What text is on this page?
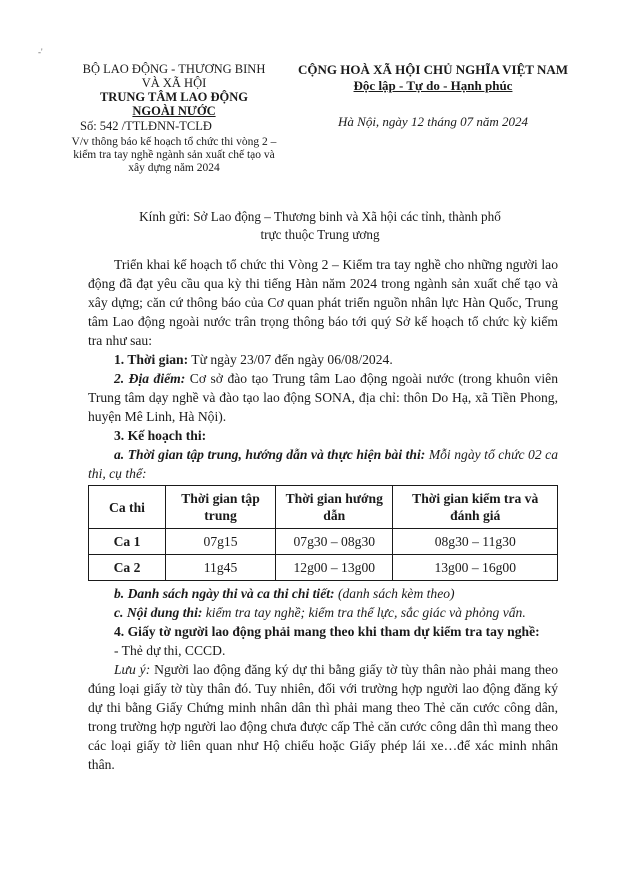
-'
BỘ LAO ĐỘNG - THƯƠNG BINH
VÀ XÃ HỘI
TRUNG TÂM LAO ĐỘNG
NGOÀI NƯỚC
Số: 542 /TTLĐNN-TCLĐ
V/v thông báo kế hoạch tổ chức thi vòng 2 – kiểm tra tay nghề ngành sản xuất chế tạo và xây dựng năm 2024
CỘNG HOÀ XÃ HỘI CHỦ NGHĨA VIỆT NAM
Độc lập - Tự do - Hạnh phúc
Hà Nội, ngày 12 tháng 07 năm 2024
Kính gửi: Sở Lao động – Thương binh và Xã hội các tỉnh, thành phố
trực thuộc Trung ương

Triển khai kế hoạch tổ chức thi Vòng 2 – Kiểm tra tay nghề cho những người lao động đã đạt yêu cầu qua kỳ thi tiếng Hàn năm 2024 trong ngành sản xuất chế tạo và xây dựng; căn cứ thông báo của Cơ quan phát triển nguồn nhân lực Hàn Quốc, Trung tâm Lao động ngoài nước trân trọng thông báo tới quý Sở kế hoạch tổ chức kỳ kiểm tra như sau:

1. Thời gian: Từ ngày 23/07 đến ngày 06/08/2024.

2. Địa điểm: Cơ sở đào tạo Trung tâm Lao động ngoài nước (trong khuôn viên Trung tâm dạy nghề và đào tạo lao động SONA, địa chỉ: thôn Do Hạ, xã Tiền Phong, huyện Mê Linh, Hà Nội).

3. Kế hoạch thi:

a. Thời gian tập trung, hướng dẫn và thực hiện bài thi: Mỗi ngày tổ chức 02 ca thi, cụ thể:

Ca thi	Thời gian tập trung	Thời gian hướng dẫn	Thời gian kiểm tra và đánh giá
Ca 1	07g15	07g30 – 08g30	08g30 – 11g30
Ca 2	11g45	12g00 – 13g00	13g00 – 16g00

b. Danh sách ngày thi và ca thi chi tiết: (danh sách kèm theo)

c. Nội dung thi: kiểm tra tay nghề; kiểm tra thể lực, sắc giác và phỏng vấn.

4. Giấy tờ người lao động phải mang theo khi tham dự kiểm tra tay nghề:

- Thẻ dự thi, CCCD.

Lưu ý: Người lao động đăng ký dự thi bằng giấy tờ tùy thân nào phải mang theo đúng loại giấy tờ tùy thân đó. Tuy nhiên, đối với trường hợp người lao động đăng ký dự thi bằng Giấy Chứng minh nhân dân thì phải mang theo Thẻ căn cước công dân, trong trường hợp người lao động chưa được cấp Thẻ căn cước công dân thì mang theo các loại giấy tờ liên quan như Hộ chiếu hoặc Giấy phép lái xe…để xác minh nhân thân.
